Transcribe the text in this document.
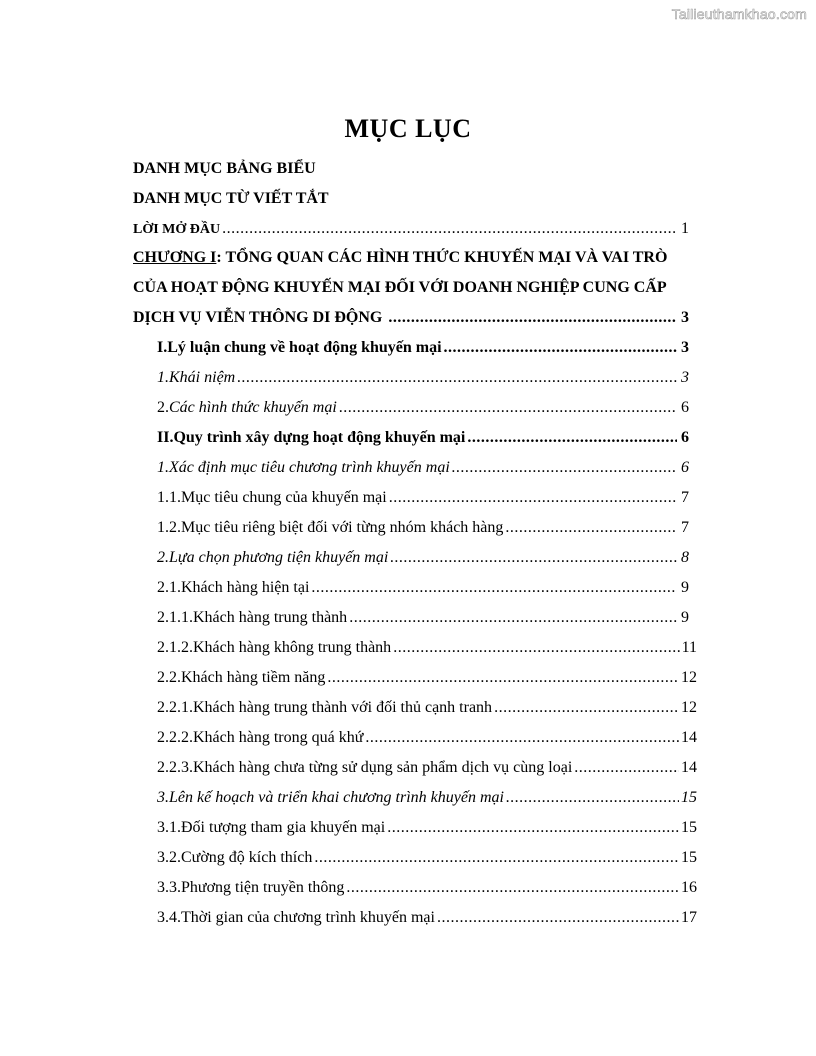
Tailieuthamkhao.com
MỤC LỤC
DANH MỤC BẢNG BIỂU
DANH MỤC TỪ VIẾT TẮT
LỜI MỞ ĐẦU .....	1
CHƯƠNG I: TỔNG QUAN CÁC HÌNH THỨC KHUYẾN MẠI VÀ VAI TRÒ
CỦA HOẠT ĐỘNG KHUYẾN MẠI ĐỐI VỚI DOANH NGHIỆP CUNG CẤP
DỊCH VỤ VIỄN THÔNG DI ĐỘNG .....	3
I. Lý luận chung về hoạt động khuyến mại .....	3
1. Khái niệm .....	3
2. Các hình thức khuyến mại .....	6
II. Quy trình xây dựng hoạt động khuyến mại .....	6
1. Xác định mục tiêu chương trình khuyến mại .....	6
1.1. Mục tiêu chung của khuyến mại .....	7
1.2. Mục tiêu riêng biệt đối với từng nhóm khách hàng .....	7
2. Lựa chọn phương tiện khuyến mại .....	8
2.1. Khách hàng hiện tại .....	9
2.1.1. Khách hàng trung thành .....	9
2.1.2. Khách hàng không trung thành .....	11
2.2. Khách hàng tiềm năng .....	12
2.2.1. Khách hàng trung thành với đối thủ cạnh tranh .....	12
2.2.2. Khách hàng trong quá khứ .....	14
2.2.3. Khách hàng chưa từng sử dụng sản phẩm dịch vụ cùng loại .....	14
3. Lên kế hoạch và triển khai chương trình khuyến mại .....	15
3.1. Đối tượng tham gia khuyến mại .....	15
3.2. Cường độ kích thích .....	15
3.3. Phương tiện truyền thông .....	16
3.4. Thời gian của chương trình khuyến mại .....	17
